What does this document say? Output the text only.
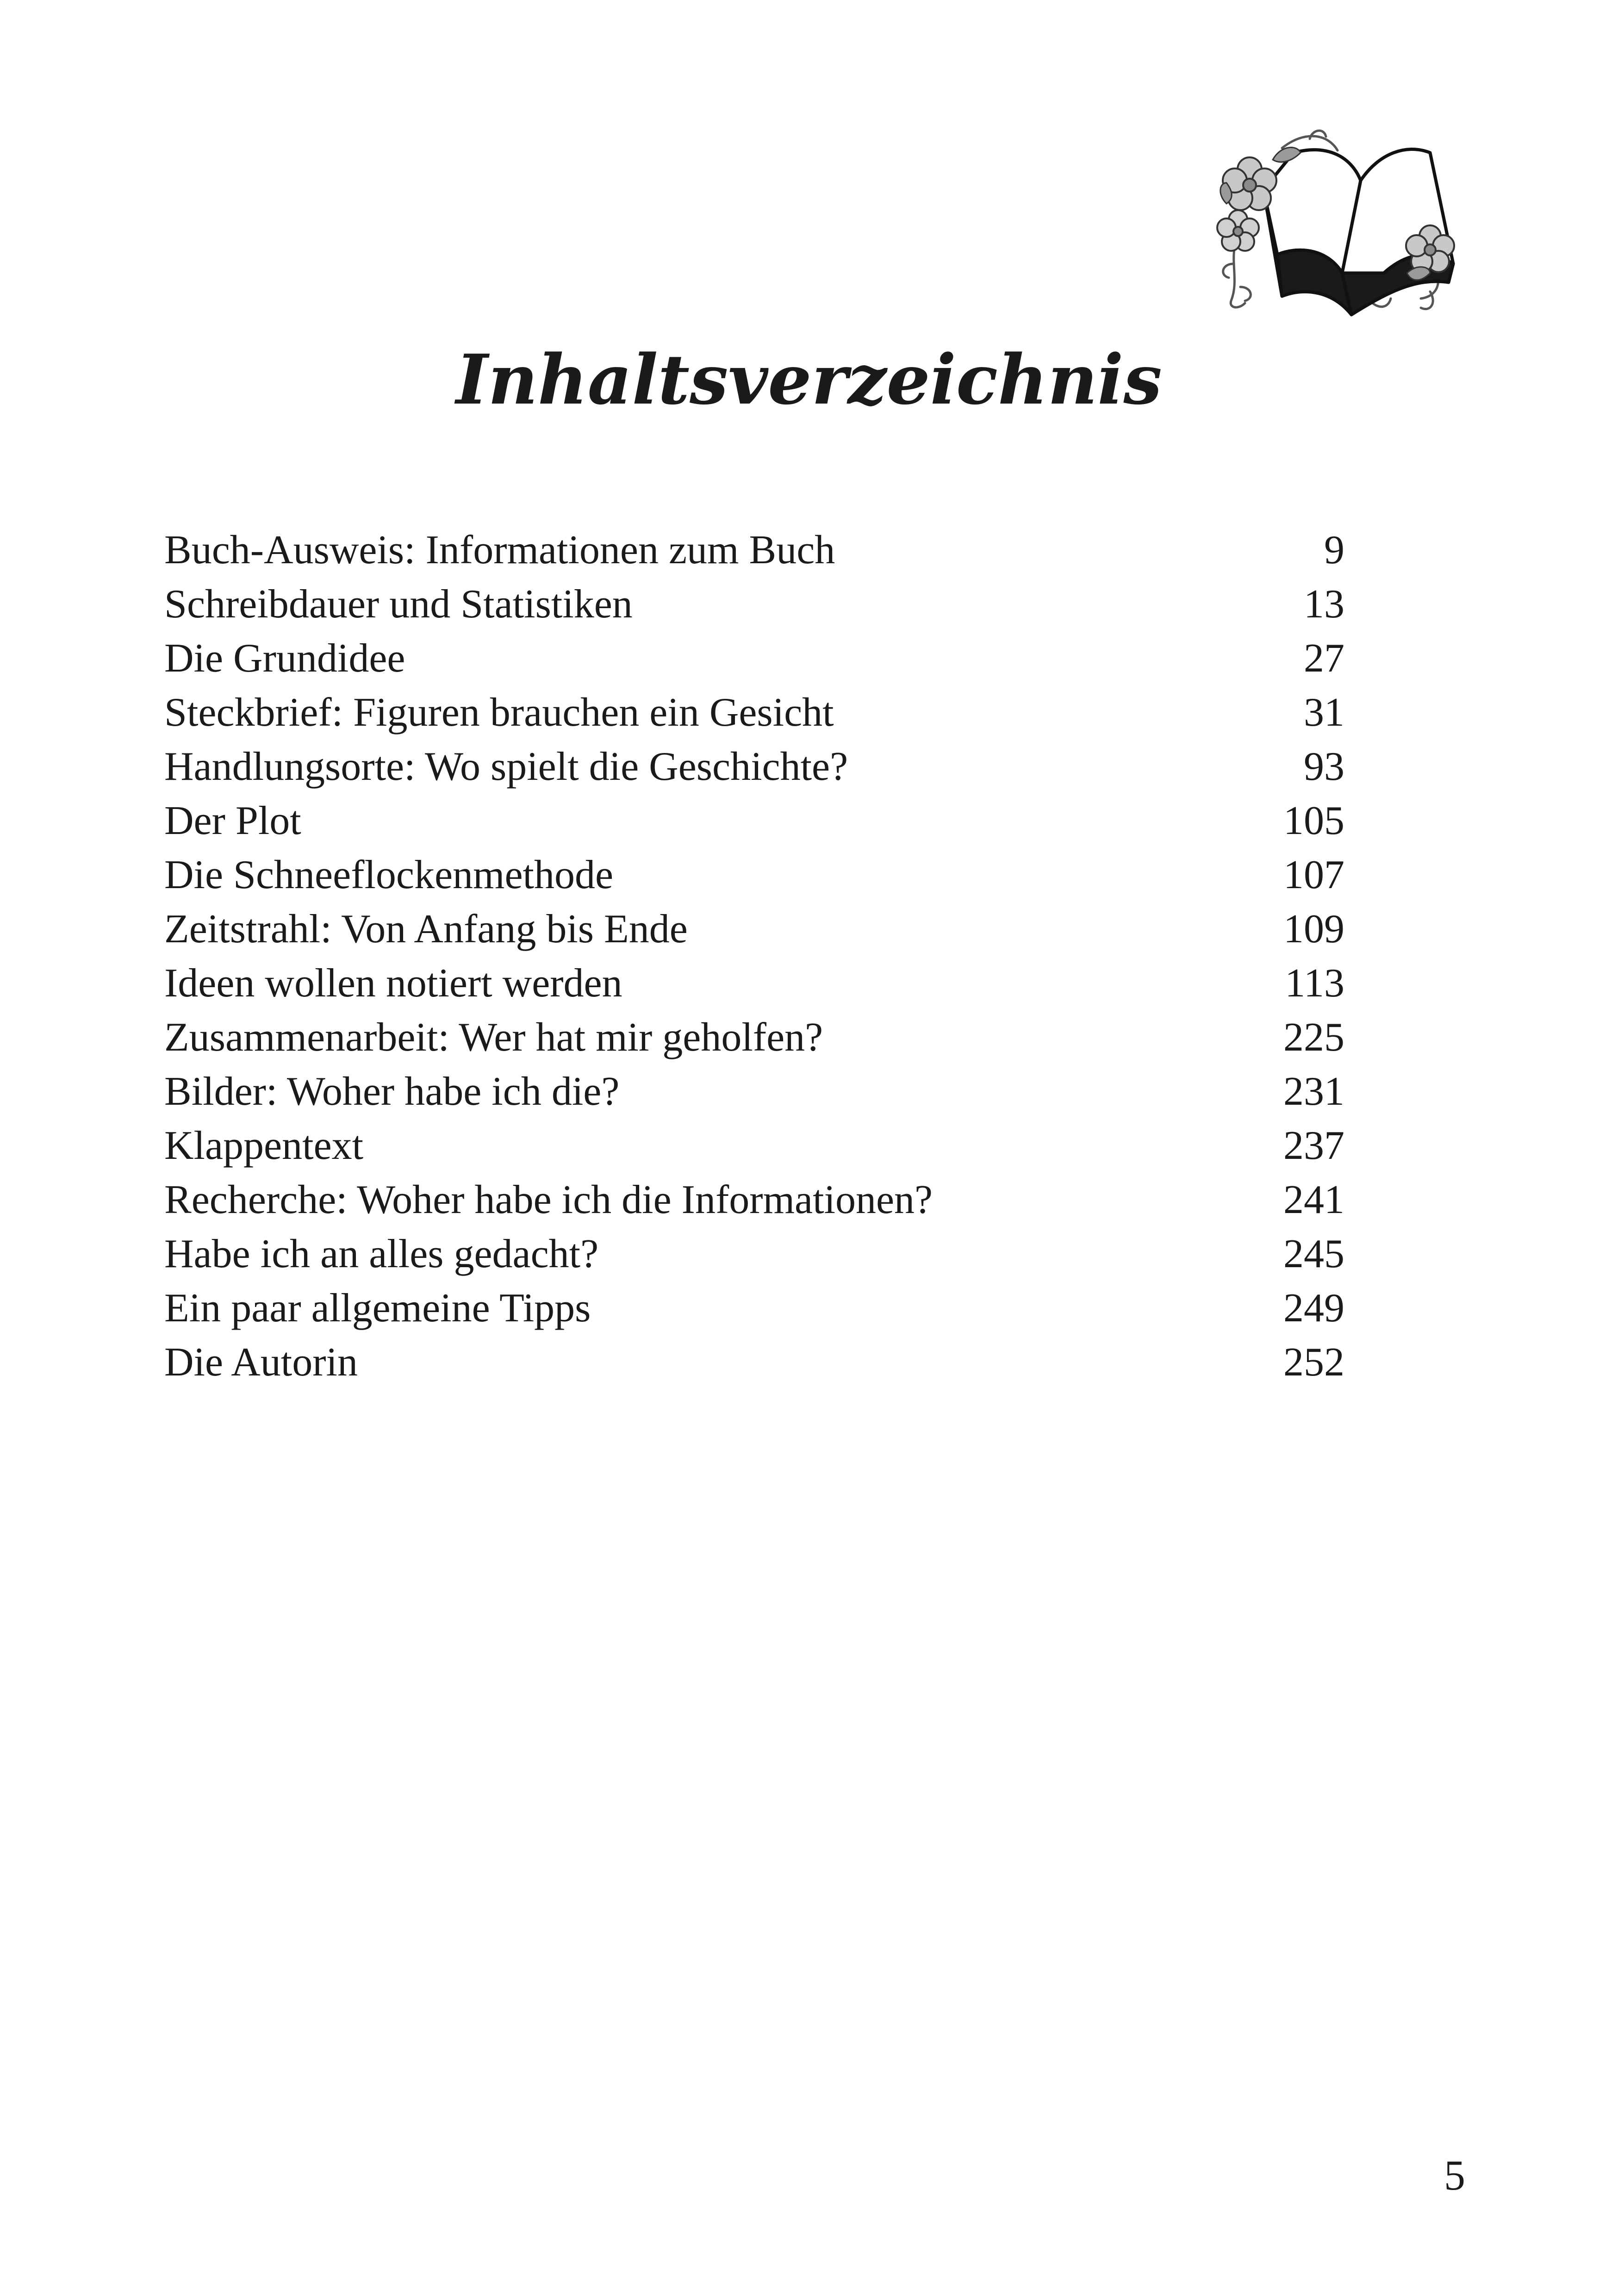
Inhaltsverzeichnis
Buch-Ausweis: Informationen zum Buch	9
Schreibdauer und Statistiken	13
Die Grundidee	27
Steckbrief: Figuren brauchen ein Gesicht	31
Handlungsorte: Wo spielt die Geschichte?	93
Der Plot	105
Die Schneeflockenmethode	107
Zeitstrahl: Von Anfang bis Ende	109
Ideen wollen notiert werden	113
Zusammenarbeit: Wer hat mir geholfen?	225
Bilder: Woher habe ich die?	231
Klappentext	237
Recherche: Woher habe ich die Informationen?	241
Habe ich an alles gedacht?	245
Ein paar allgemeine Tipps	249
Die Autorin	252
5
